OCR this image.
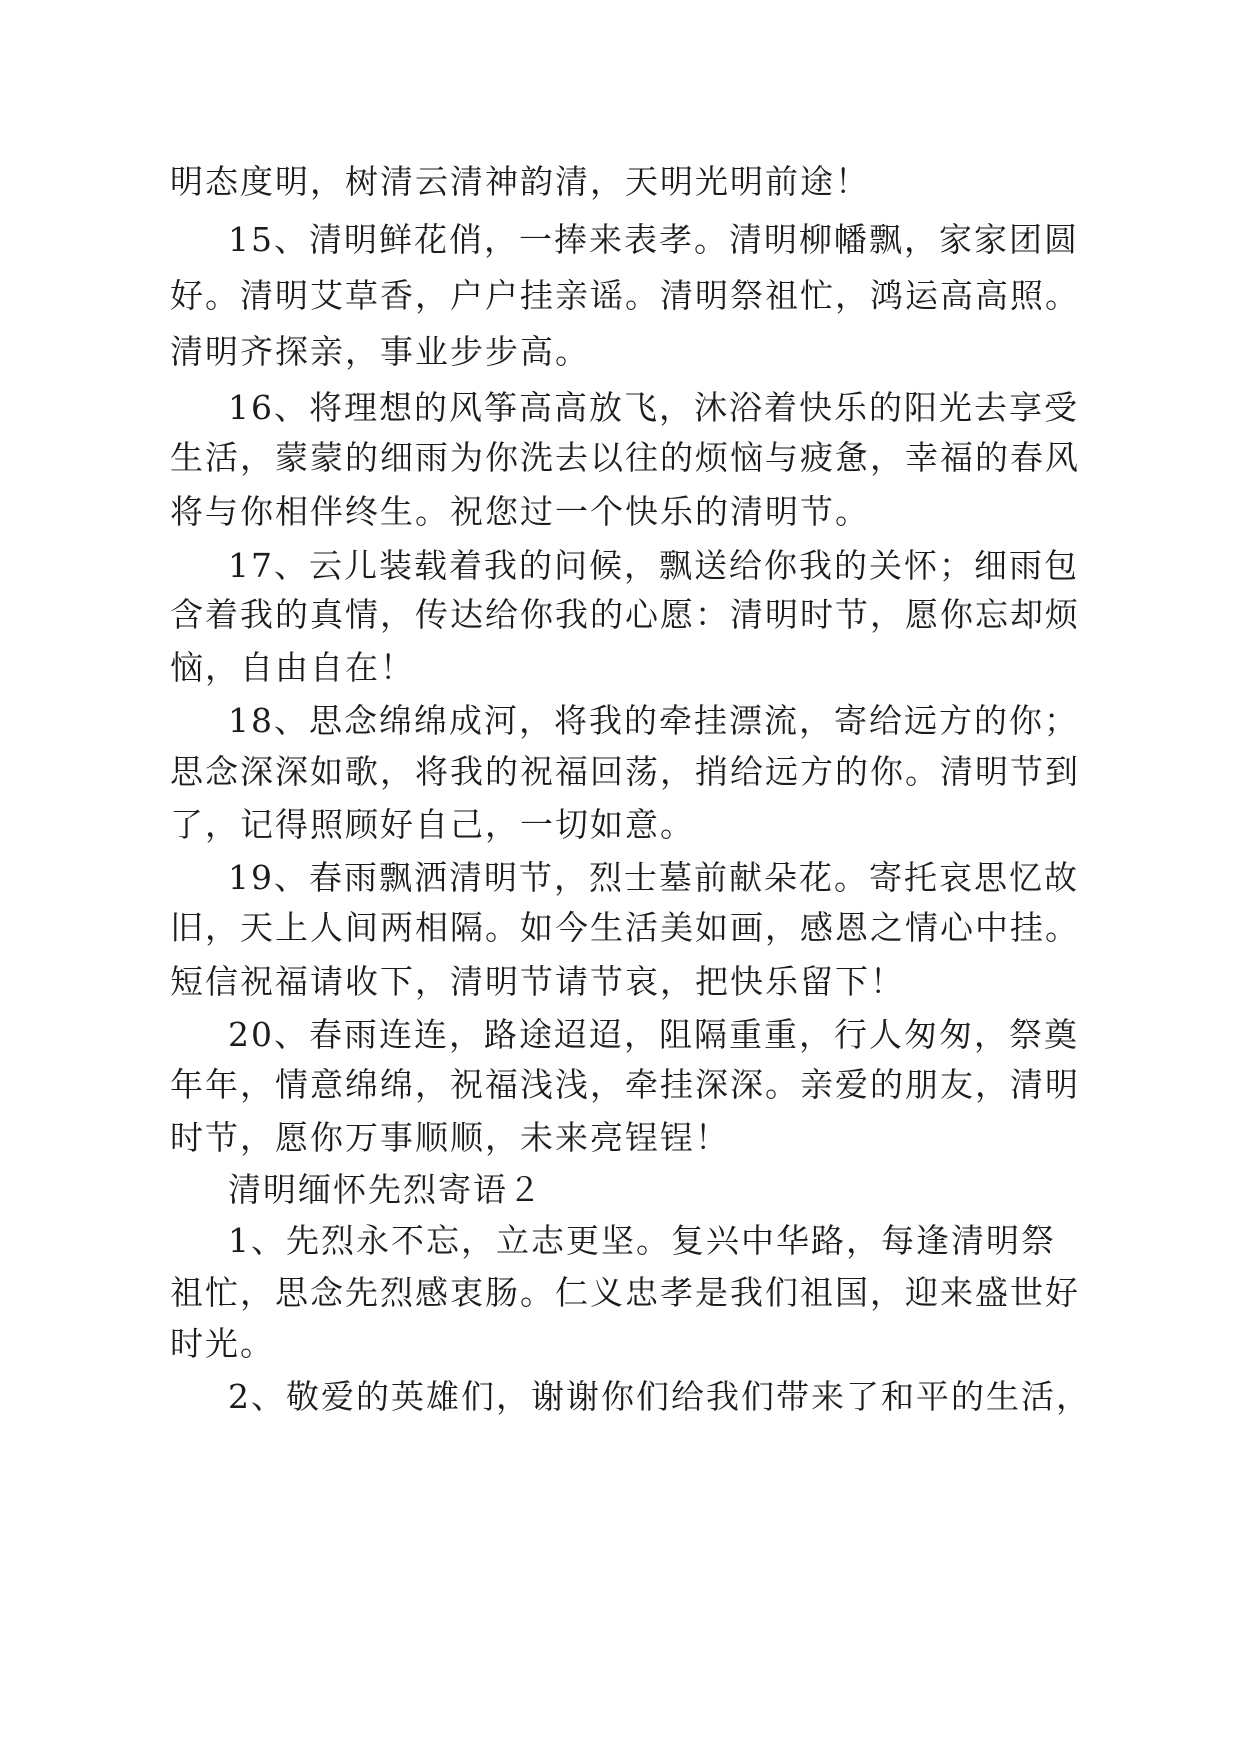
明态度明，树清云清神韵清，天明光明前途！
15、清明鲜花俏，一捧来表孝。清明柳幡飘，家家团圆
好。清明艾草香，户户挂亲谣。清明祭祖忙，鸿运高高照。
清明齐探亲，事业步步高。
16、将理想的风筝高高放飞，沐浴着快乐的阳光去享受
生活，蒙蒙的细雨为你洗去以往的烦恼与疲惫，幸福的春风
将与你相伴终生。祝您过一个快乐的清明节。
17、云儿装载着我的问候，飘送给你我的关怀；细雨包
含着我的真情，传达给你我的心愿：清明时节，愿你忘却烦
恼，自由自在！
18、思念绵绵成河，将我的牵挂漂流，寄给远方的你；
思念深深如歌，将我的祝福回荡，捎给远方的你。清明节到
了，记得照顾好自己，一切如意。
19、春雨飘洒清明节，烈士墓前献朵花。寄托哀思忆故
旧，天上人间两相隔。如今生活美如画，感恩之情心中挂。
短信祝福请收下，清明节请节哀，把快乐留下！
20、春雨连连，路途迢迢，阻隔重重，行人匆匆，祭奠
年年，情意绵绵，祝福浅浅，牵挂深深。亲爱的朋友，清明
时节，愿你万事顺顺，未来亮锃锃！
清明缅怀先烈寄语２
1、先烈永不忘，立志更坚。复兴中华路，每逢清明祭
祖忙，思念先烈感衷肠。仁义忠孝是我们祖国，迎来盛世好
时光。
2、敬爱的英雄们，谢谢你们给我们带来了和平的生活，
